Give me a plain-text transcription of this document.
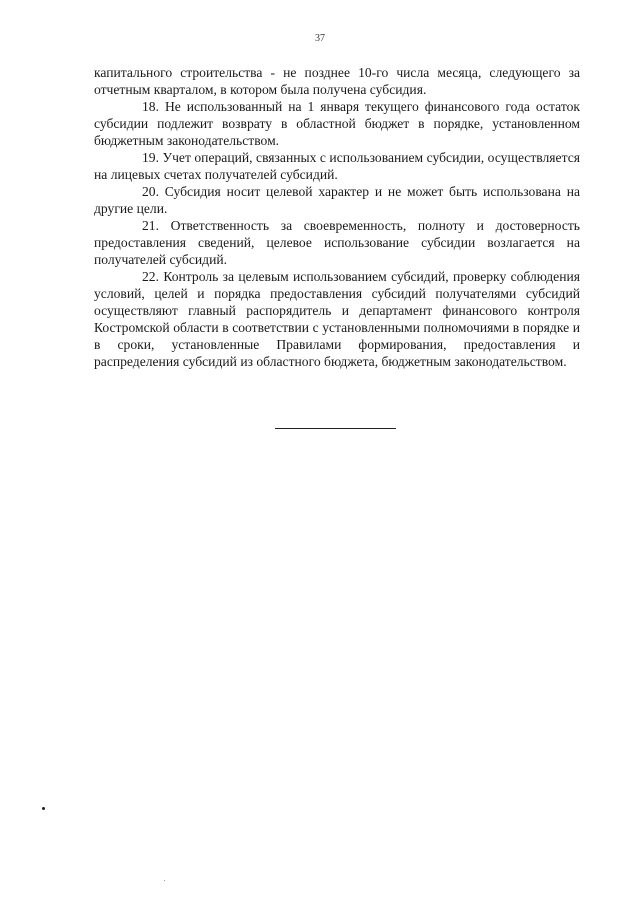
37

капитального строительства - не позднее 10-го числа месяца, следующего за отчетным кварталом, в котором была получена субсидия.

18. Не использованный на 1 января текущего финансового года остаток субсидии подлежит возврату в областной бюджет в порядке, установленном бюджетным законодательством.

19. Учет операций, связанных с использованием субсидии, осуществляется на лицевых счетах получателей субсидий.

20. Субсидия носит целевой характер и не может быть использована на другие цели.

21. Ответственность за своевременность, полноту и достоверность предоставления сведений, целевое использование субсидии возлагается на получателей субсидий.

22. Контроль за целевым использованием субсидий, проверку соблюдения условий, целей и порядка предоставления субсидий получателями субсидий осуществляют главный распорядитель и департамент финансового контроля Костромской области в соответствии с установленными полномочиями в порядке и в сроки, установленные Правилами формирования, предоставления и распределения субсидий из областного бюджета, бюджетным законодательством.
